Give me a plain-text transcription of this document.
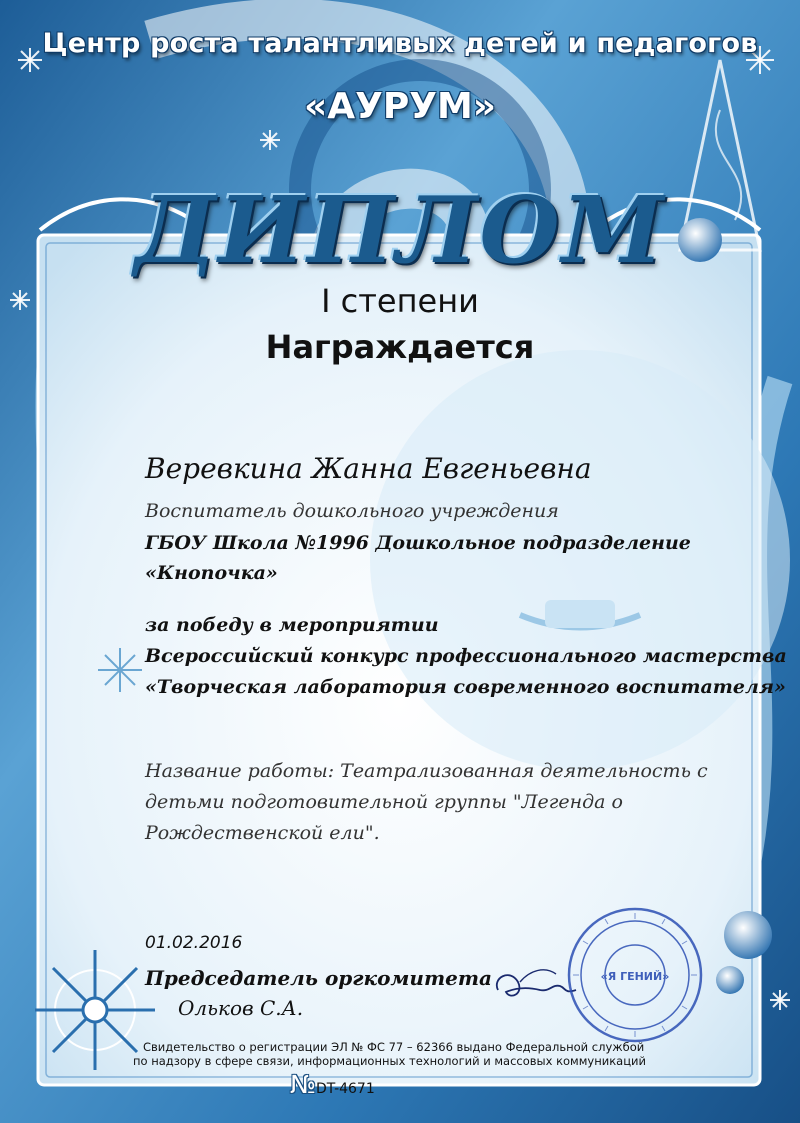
Центр роста талантливых детей и педагогов
«АУРУМ»
ДИПЛОМ
I степени
Награждается
Веревкина Жанна Евгеньевна
Воспитатель дошкольного учреждения
ГБОУ Школа №1996 Дошкольное подразделение
«Кнопочка»
за победу в мероприятии
Всероссийский конкурс профессионального мастерства
«Творческая лаборатория современного воспитателя»
Название работы: Театрализованная деятельность с
детьми подготовительной группы "Легенда о
Рождественской ели".
01.02.2016
Председатель оргкомитета
Ольков С.А.
«Я ГЕНИЙ»
Свидетельство о регистрации ЭЛ № ФС 77 – 62366 выдано Федеральной службой
по надзору в сфере связи, информационных технологий и массовых коммуникаций
№DT-4671
